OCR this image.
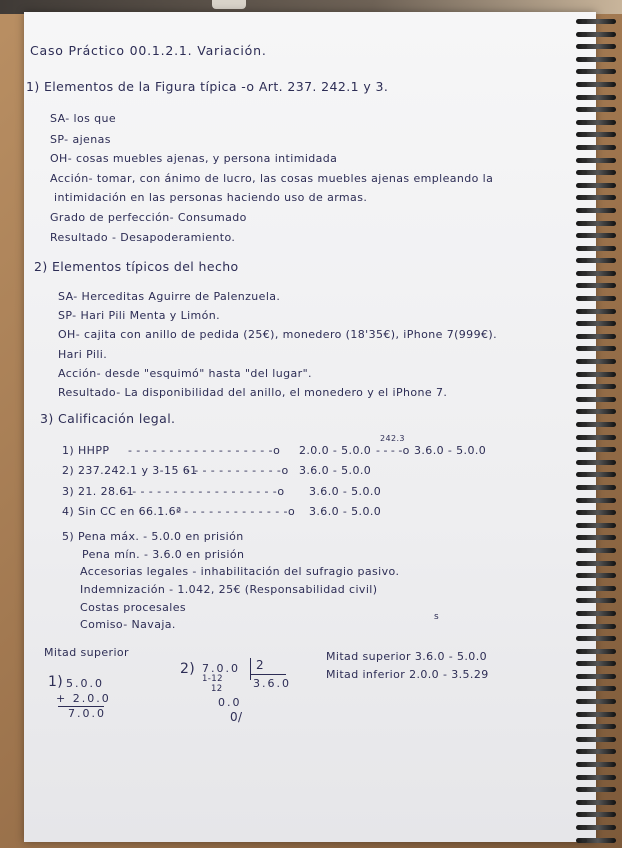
Caso Práctico 00.1.2.1. Variación.

1) Elementos de la Figura típica -o Art. 237. 242.1 y 3.

SA- los que

SP- ajenas

OH- cosas muebles ajenas, y persona intimidada

Acción- tomar, con ánimo de lucro, las cosas muebles ajenas empleando la

intimidación en las personas haciendo uso de armas.

Grado de perfección- Consumado

Resultado - Desapoderamiento.

2) Elementos típicos del hecho

SA- Herceditas Aguirre de Palenzuela.

SP- Hari Pili Menta y Limón.

OH- cajita con anillo de pedida (25€), monedero (18'35€), iPhone 7(999€).

Hari Pili.

Acción- desde "esquimó" hasta "del lugar".

Resultado- La disponibilidad del anillo, el monedero y el iPhone 7.

3) Calificación legal.

1) HHPP - - - - - - - - - - - - - - - - - -o 2.0.0 - 5.0.0

242.3

- - - -o 3.6.0 - 5.0.0

2) 237.242.1 y 3-15 61

- - - - - - - - - - - -o 3.6.0 - 5.0.0

3) 21. 28.61

- - - - - - - - - - - - - - - - - - -o 3.6.0 - 5.0.0

4) Sin CC en 66.1.6ª

- - - - - - - - - - - - - -o 3.6.0 - 5.0.0

5) Pena máx. - 5.0.0 en prisión

Pena mín. - 3.6.0 en prisión

Accesorias legales - inhabilitación del sufragio pasivo.

Indemnización - 1.042, 25€ (Responsabilidad civil)

Costas procesales

Comiso- Navaja.

s

Mitad superior

1) 5.0.0

+ 2.0.0

7.0.0

2) 7.0.0 2

3.6.0

1-12

12

0.0

0/

Mitad superior 3.6.0 - 5.0.0

Mitad inferior 2.0.0 - 3.5.29
